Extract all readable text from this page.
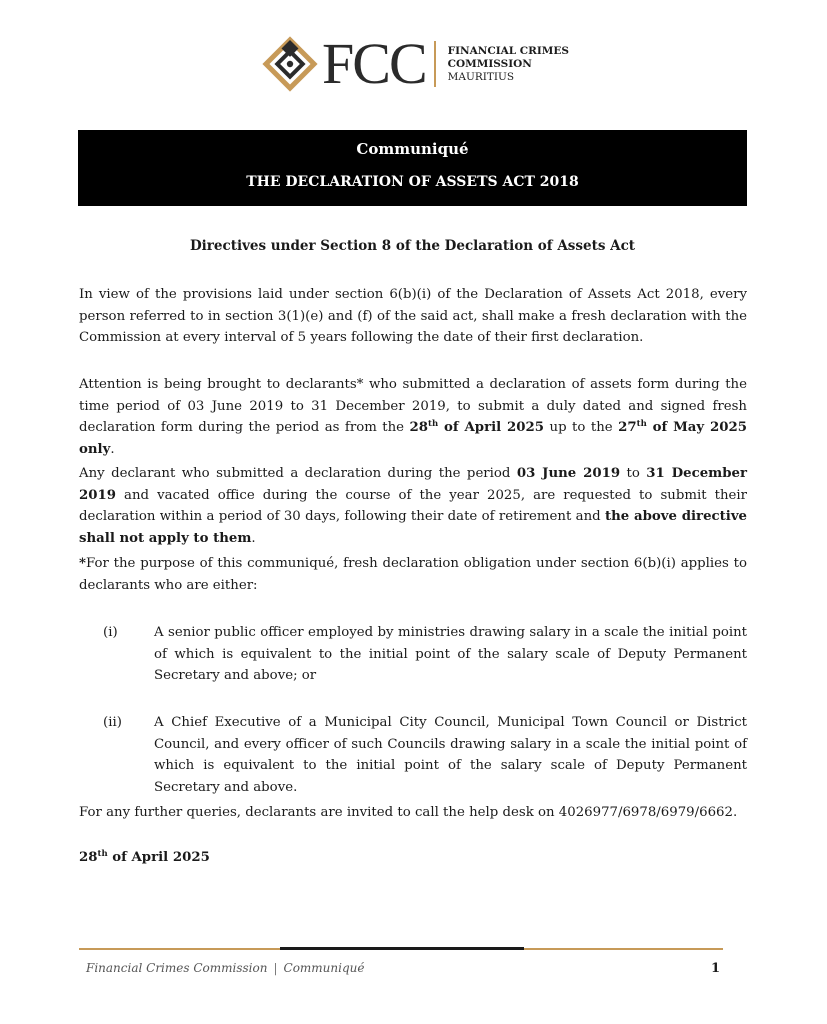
FCC FINANCIAL CRIMES
COMMISSION
MAURITIUS
Communiqué
THE DECLARATION OF ASSETS ACT 2018
Directives under Section 8 of the Declaration of Assets Act

In view of the provisions laid under section 6(b)(i) of the Declaration of Assets Act 2018, every person referred to in section 3(1)(e) and (f) of the said act, shall make a fresh declaration with the Commission at every interval of 5 years following the date of their first declaration.

Attention is being brought to declarants* who submitted a declaration of assets form during the time period of 03 June 2019 to 31 December 2019, to submit a duly dated and signed fresh declaration form during the period as from the 28th of April 2025 up to the 27th of May 2025 only.

Any declarant who submitted a declaration during the period 03 June 2019 to 31 December 2019 and vacated office during the course of the year 2025, are requested to submit their declaration within a period of 30 days, following their date of retirement and the above directive shall not apply to them.

*For the purpose of this communiqué, fresh declaration obligation under section 6(b)(i) applies to declarants who are either:

(i)	A senior public officer employed by ministries drawing salary in a scale the initial point of which is equivalent to the initial point of the salary scale of Deputy Permanent Secretary and above; or
(ii)	A Chief Executive of a Municipal City Council, Municipal Town Council or District Council, and every officer of such Councils drawing salary in a scale the initial point of which is equivalent to the initial point of the salary scale of Deputy Permanent Secretary and above.

For any further queries, declarants are invited to call the help desk on 4026977/6978/6979/6662.

28th of April 2025
Financial Crimes Commission | Communiqué	1
